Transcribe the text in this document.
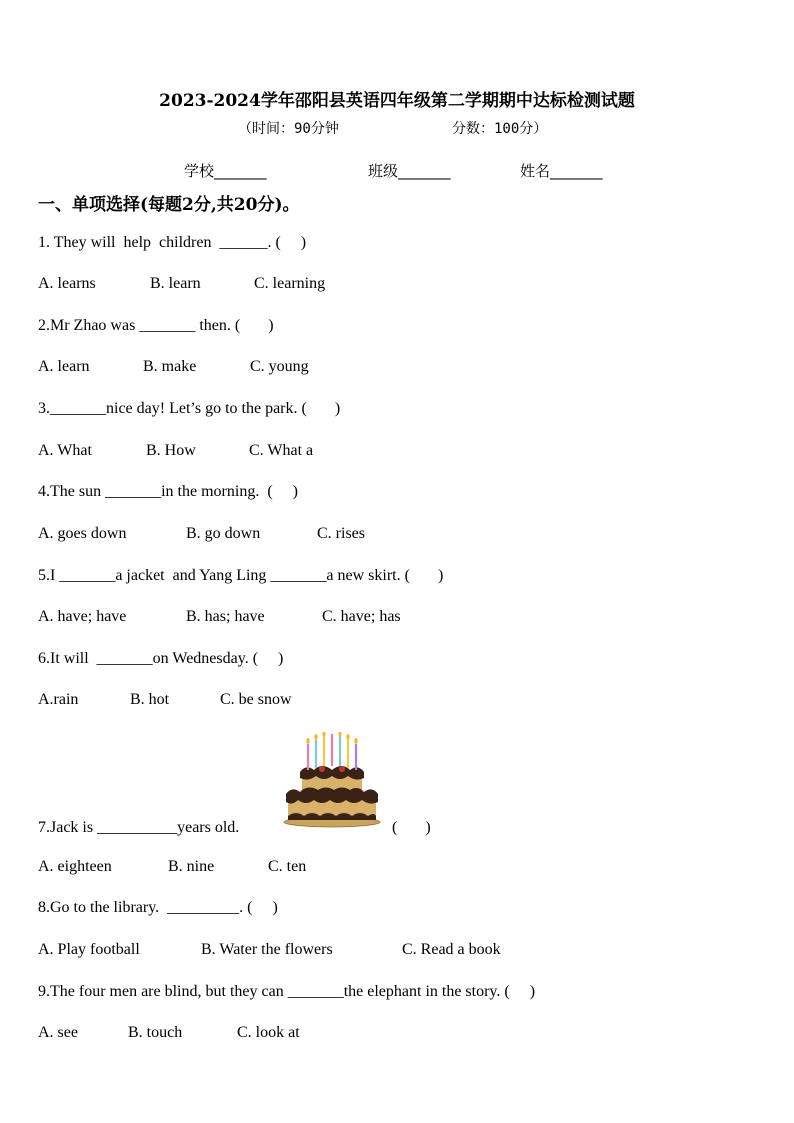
2023-2024学年邵阳县英语四年级第二学期期中达标检测试题
（时间：90分钟	分数：100分）
学校_______	班级_______	姓名_______
一、单项选择(每题2分,共20分)。
1. They will  help  children  ______. (     )
A. learns	B. learn	C. learning
2.Mr Zhao was _______ then. (       )
A. learn	B. make	C. young
3._______nice day! Let’s go to the park. (       )
A. What	B. How	C. What a
4.The sun _______in the morning.  (     )
A. goes down	B. go down	C. rises
5.I _______a jacket  and Yang Ling _______a new skirt. (       )
A. have; have	B. has; have	C. have; has
6.It will  _______on Wednesday. (     )
A.rain	B. hot	C. be snow
7.Jack is __________years old.	(       )
A. eighteen	B. nine	C. ten
8.Go to the library.  _________. (     )
A. Play football	B. Water the flowers	C. Read a book
9.The four men are blind, but they can _______the elephant in the story. (     )
A. see	B. touch	C. look at
